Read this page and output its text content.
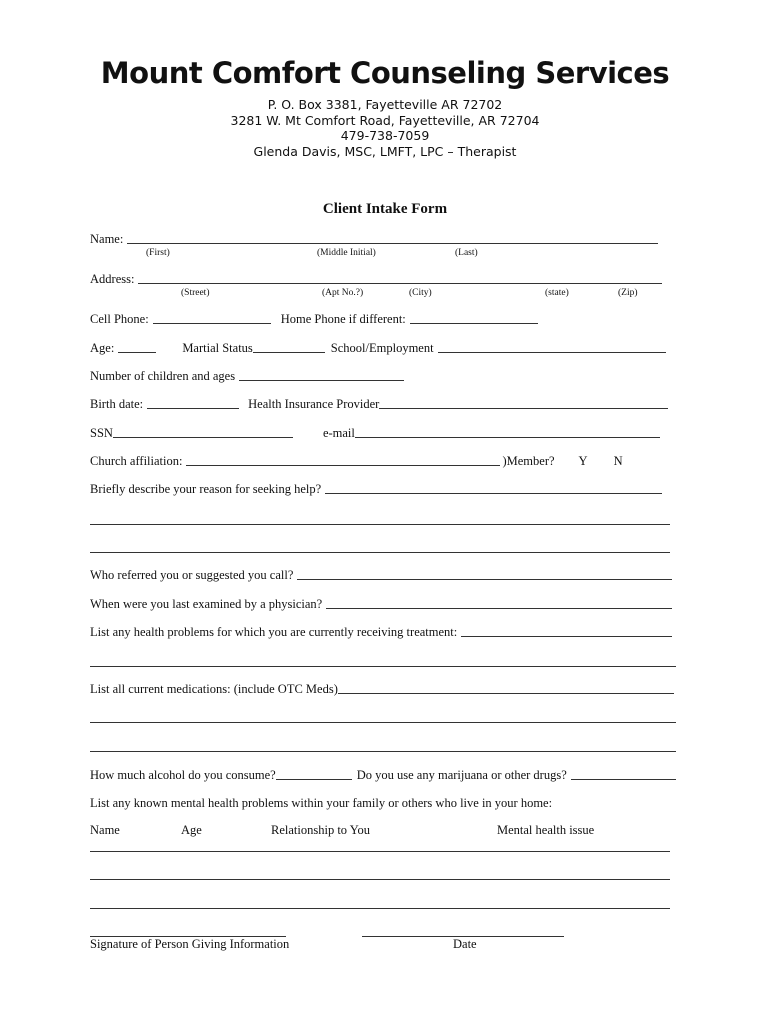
Mount Comfort Counseling Services
P. O. Box 3381, Fayetteville AR 72702
3281 W. Mt Comfort Road, Fayetteville, AR 72704
479-738-7059
Glenda Davis, MSC, LMFT, LPC – Therapist
Client Intake Form
Name:
(First)	(Middle Initial)	(Last)
Address:
(Street)	(Apt No.?)	(City)	(state)	(Zip)
Cell Phone:	Home Phone if different:
Age:	Martial Status	School/Employment
Number of children and ages
Birth date:	Health Insurance Provider
SSN	e-mail
Church affiliation:	)Member? Y N
Briefly describe your reason for seeking help?
Who referred you or suggested you call?
When were you last examined by a physician?
List any health problems for which you are currently receiving treatment:
List all current medications: (include OTC Meds)
How much alcohol do you consume?	Do you use any marijuana or other drugs?
List any known mental health problems within your family or others who live in your home:
Name	Age	Relationship to You	Mental health issue
Signature of Person Giving Information	Date
